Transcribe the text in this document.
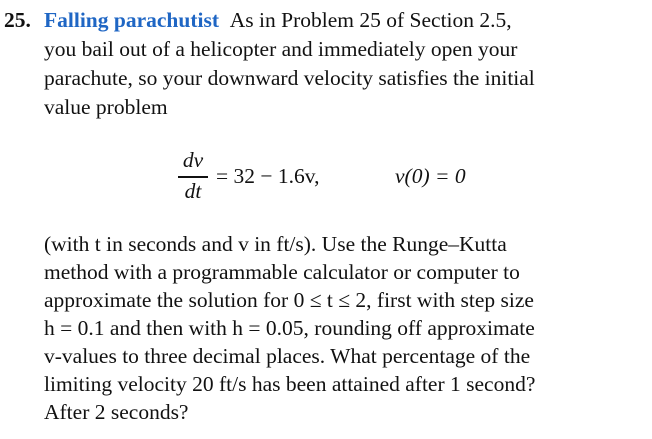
25. Falling parachutist As in Problem 25 of Section 2.5,
you bail out of a helicopter and immediately open your
parachute, so your downward velocity satisfies the initial
value problem
dv
dt
= 32 − 1.6v,	v(0) = 0
(with t in seconds and v in ft/s). Use the Runge–Kutta
method with a programmable calculator or computer to
approximate the solution for 0 ≤ t ≤ 2, first with step size
h = 0.1 and then with h = 0.05, rounding off approximate
v-values to three decimal places. What percentage of the
limiting velocity 20 ft/s has been attained after 1 second?
After 2 seconds?
